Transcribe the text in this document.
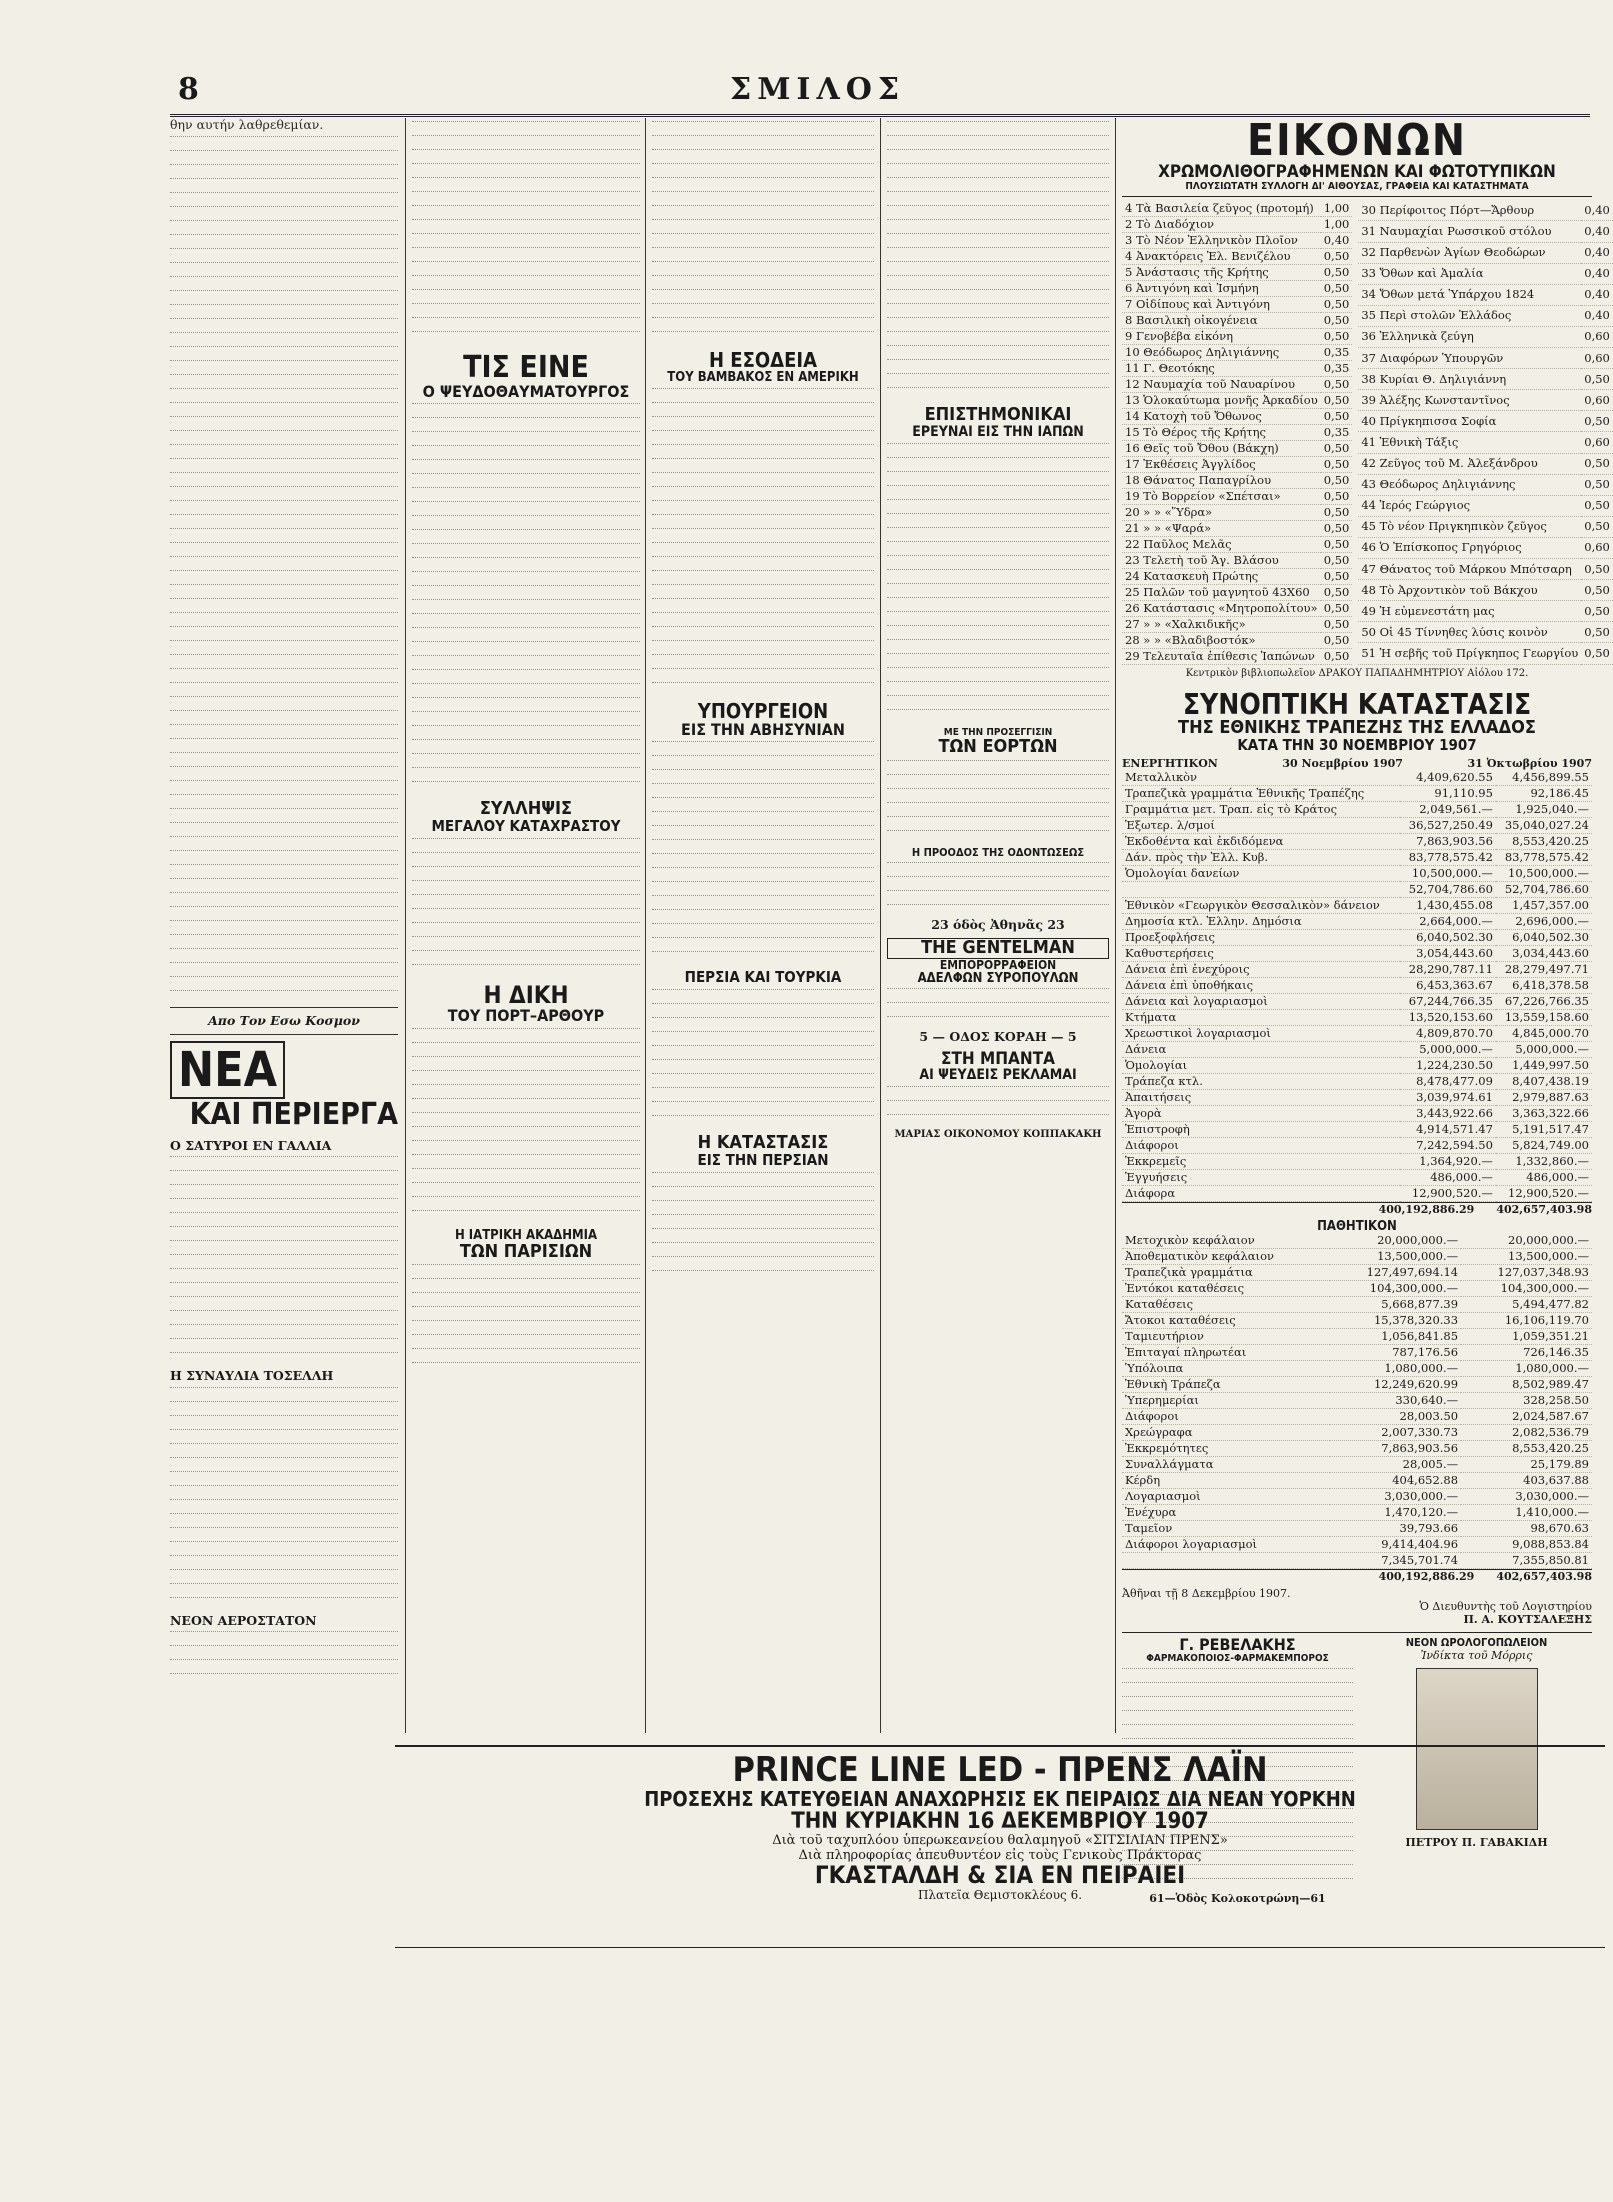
8	ΣΜΙΛΟΣ
θην αυτήν λαθρεθεμίαν.
Απο Τον Εσω Κοσμον
ΝΕΑ
ΚΑΙ ΠΕΡΙΕΡΓΑ
Ο ΣΑΤΥΡΟΙ ΕΝ ΓΑΛΛΙΑ
Η ΣΥΝΑΥΛΙΑ ΤΟΣΕΛΛΗ
ΝΕΟΝ ΑΕΡΟΣΤΑΤΟΝ
ΤΙΣ ΕΙΝΕ
Ο ΨΕΥΔΟΘΑΥΜΑΤΟΥΡΓΟΣ
ΣΥΛΛΗΨΙΣ
ΜΕΓΑΛΟΥ ΚΑΤΑΧΡΑΣΤΟΥ
Η ΔΙΚΗ
ΤΟΥ ΠΟΡΤ–ΑΡΘΟΥΡ
Η ΙΑΤΡΙΚΗ ΑΚΑΔΗΜΙΑ
ΤΩΝ ΠΑΡΙΣΙΩΝ
Η ΕΣΟΔΕΙΑ
ΤΟΥ ΒΑΜΒΑΚΟΣ ΕΝ ΑΜΕΡΙΚΗ
ΥΠΟΥΡΓΕΙΟΝ
ΕΙΣ ΤΗΝ ΑΒΗΣΥΝΙΑΝ
ΠΕΡΣΙΑ ΚΑΙ ΤΟΥΡΚΙΑ
Η ΚΑΤΑΣΤΑΣΙΣ
ΕΙΣ ΤΗΝ ΠΕΡΣΙΑΝ
ΕΠΙΣΤΗΜΟΝΙΚΑΙ
ΕΡΕΥΝΑΙ ΕΙΣ ΤΗΝ ΙΑΠΩΝ
ΜΕ ΤΗΝ ΠΡΟΣΕΓΓΙΣΙΝ
ΤΩΝ ΕΟΡΤΩΝ
Η ΠΡΟΟΔΟΣ ΤΗΣ ΟΔΟΝΤΩΣΕΩΣ
23 όδὸς Ἀθηνᾶς 23
THE GENTELMAN
ΕΜΠΟΡΟΡΡΑΦΕΙΟΝ
ΑΔΕΛΦΩΝ ΣΥΡΟΠΟΥΛΩΝ
5 — ΟΔΟΣ ΚΟΡΑΗ — 5
ΣΤΗ ΜΠΑΝΤΑ
ΑΙ ΨΕΥΔΕΙΣ ΡΕΚΛΑΜΑΙ
ΜΑΡΙΑΣ ΟΙΚΟΝΟΜΟΥ ΚΟΠΠΑΚΑΚΗ
ΕΙΚΟΝΩΝ
ΧΡΩΜΟΛΙΘΟΓΡΑΦΗΜΕΝΩΝ ΚΑΙ ΦΩΤΟΤΥΠΙΚΩΝ
ΠΛΟΥΣΙΩΤΑΤΗ ΣΥΛΛΟΓΗ ΔΙ' ΑΙΘΟΥΣΑΣ, ΓΡΑΦΕΙΑ ΚΑΙ ΚΑΤΑΣΤΗΜΑΤΑ
4 Τὰ Βασιλεία ζεῦγος (προτομή)	1,00
2 Τὸ Διαδόχιον	1,00
3 Τὸ Νέον Ἑλληνικὸν Πλοῖον	0,40
4 Ἀνακτόρεις Ἐλ. Βενιζέλου	0,50
5 Ἀνάστασις τῆς Κρήτης	0,50
6 Ἀντιγόνη καὶ Ἰσμήνη	0,50
7 Οἰδίπους καὶ Ἀντιγόνη	0,50
8 Βασιλικὴ οἰκογένεια	0,50
9 Γενοβέβα εἰκόνη	0,50
10 Θεόδωρος Δηλιγιάννης	0,35
11 Γ. Θεοτόκης	0,35
12 Ναυμαχία τοῦ Ναυαρίνου	0,50
13 Ὁλοκαύτωμα μονῆς Ἀρκαδίου	0,50
14 Κατοχὴ τοῦ Ὄθωνος	0,50
15 Τὸ Θέρος τῆς Κρήτης	0,35
16 Θεῖς τοῦ Ὄθου (Βάκχη)	0,50
17 Ἐκθέσεις Ἀγγλίδος	0,50
18 Θάνατος Παπαγρίλου	0,50
19 Τὸ Βορρείον «Σπέτσαι»	0,50
20 » » «Ὕδρα»	0,50
21 » » «Ψαρά»	0,50
22 Παῦλος Μελᾶς	0,50
23 Τελετὴ τοῦ Ἁγ. Βλάσου	0,50
24 Κατασκευὴ Πρώτης	0,50
25 Παλῶν τοῦ μαγνητοῦ 43Χ60	0,50
26 Κατάστασις «Μητροπολίτου»	0,50
27 » » «Χαλκιδικῆς»	0,50
28 » » «Βλαδιβοστόκ»	0,50
29 Τελευταῖα ἐπίθεσις Ἰαπώνων	0,50
30 Περίφοιτος Πόρτ—Ἄρθουρ	0,40
31 Ναυμαχίαι Ρωσσικοῦ στόλου	0,40
32 Παρθενὼν Ἀγίων Θεοδώρων	0,40
33 Ὄθων καὶ Ἀμαλία	0,40
34 Ὄθων μετά Ὑπάρχου 1824	0,40
35 Περὶ στολῶν Ἑλλάδος	0,40
36 Ἑλληνικὰ ζεύγη	0,60
37 Διαφόρων Ὑπουργῶν	0,60
38 Κυρίαι Θ. Δηλιγιάννη	0,50
39 Ἀλέξης Κωνσταντῖνος	0,60
40 Πρίγκηπισσα Σοφία	0,50
41 Ἐθνικὴ Τάξις	0,60
42 Ζεῦγος τοῦ Μ. Ἀλεξάνδρου	0,50
43 Θεόδωρος Δηλιγιάννης	0,50
44 Ἱερός Γεώργιος	0,50
45 Τὸ νέον Πριγκηπικὸν ζεῦγος	0,50
46 Ὁ Ἐπίσκοπος Γρηγόριος	0,60
47 Θάνατος τοῦ Μάρκου Μπότσαρη	0,50
48 Τὸ Ἀρχοντικὸν τοῦ Βάκχου	0,50
49 Ἡ εὐμενεστάτη μας	0,50
50 Οἱ 45 Τίννηθες λύσις κοινὸν	0,50
51 Ἡ σεβῆς τοῦ Πρίγκηπος Γεωργίου	0,50
Κεντρικὸν βιβλιοπωλεῖον ΔΡΑΚΟΥ ΠΑΠΑΔΗΜΗΤΡΙΟΥ Αἰόλου 172.
ΣΥΝΟΠΤΙΚΗ ΚΑΤΑΣΤΑΣΙΣ
ΤΗΣ ΕΘΝΙΚΗΣ ΤΡΑΠΕΖΗΣ ΤΗΣ ΕΛΛΑΔΟΣ
ΚΑΤΑ ΤΗΝ 30 ΝΟΕΜΒΡΙΟΥ 1907
ΕΝΕΡΓΗΤΙΚΟΝ	30 Νοεμβρίου 1907	31 Ὀκτωβρίου 1907
Μεταλλικὸν	4,409,620.55	4,456,899.55
Τραπεζικὰ γραμμάτια Ἐθνικῆς Τραπέζης	91,110.95	92,186.45
Γραμμάτια μετ. Τραπ. εἰς τὸ Κράτος	2,049,561.—	1,925,040.—
Ἐξωτερ. λ/σμοί	36,527,250.49	35,040,027.24
Ἐκδοθέντα καὶ ἐκδιδόμενα	7,863,903.56	8,553,420.25
Δάν. πρὸς τὴν Ἑλλ. Κυβ.	83,778,575.42	83,778,575.42
Ὁμολογίαι δανείων	10,500,000.—	10,500,000.—
	52,704,786.60	52,704,786.60
Ἐθνικὸν «Γεωργικὸν Θεσσαλικὸν» δάνειον	1,430,455.08	1,457,357.00
Δημοσία κτλ. Ἑλλην. Δημόσια	2,664,000.—	2,696,000.—
Προεξοφλήσεις	6,040,502.30	6,040,502.30
Καθυστερήσεις	3,054,443.60	3,034,443.60
Δάνεια ἐπὶ ἐνεχύροις	28,290,787.11	28,279,497.71
Δάνεια ἐπὶ ὑποθήκαις	6,453,363.67	6,418,378.58
Δάνεια καὶ λογαριασμοὶ	67,244,766.35	67,226,766.35
Κτήματα	13,520,153.60	13,559,158.60
Χρεωστικοὶ λογαριασμοὶ	4,809,870.70	4,845,000.70
Δάνεια	5,000,000.—	5,000,000.—
Ὁμολογίαι	1,224,230.50	1,449,997.50
Τράπεζα κτλ.	8,478,477.09	8,407,438.19
Ἀπαιτήσεις	3,039,974.61	2,979,887.63
Ἀγορὰ	3,443,922.66	3,363,322.66
Ἐπιστροφὴ	4,914,571.47	5,191,517.47
Διάφοροι	7,242,594.50	5,824,749.00
Ἐκκρεμεῖς	1,364,920.—	1,332,860.—
Ἐγγυήσεις	486,000.—	486,000.—
Διάφορα	12,900,520.—	12,900,520.—
400,192,886.29 402,657,403.98
ΠΑΘΗΤΙΚΟΝ
Μετοχικὸν κεφάλαιον	20,000,000.—	20,000,000.—
Ἀποθεματικὸν κεφάλαιον	13,500,000.—	13,500,000.—
Τραπεζικὰ γραμμάτια	127,497,694.14	127,037,348.93
Ἐντόκοι καταθέσεις	104,300,000.—	104,300,000.—
Καταθέσεις	5,668,877.39	5,494,477.82
Ἄτοκοι καταθέσεις	15,378,320.33	16,106,119.70
Ταμιευτήριον	1,056,841.85	1,059,351.21
Ἐπιταγαί πληρωτέαι	787,176.56	726,146.35
Ὑπόλοιπα	1,080,000.—	1,080,000.—
Ἐθνικὴ Τράπεζα	12,249,620.99	8,502,989.47
Ὑπερημερίαι	330,640.—	328,258.50
Διάφοροι	28,003.50	2,024,587.67
Χρεώγραφα	2,007,330.73	2,082,536.79
Ἐκκρεμότητες	7,863,903.56	8,553,420.25
Συναλλάγματα	28,005.—	25,179.89
Κέρδη	404,652.88	403,637.88
Λογαριασμοὶ	3,030,000.—	3,030,000.—
Ἐνέχυρα	1,470,120.—	1,410,000.—
Ταμεῖον	39,793.66	98,670.63
Διάφοροι λογαριασμοὶ	9,414,404.96	9,088,853.84
	7,345,701.74	7,355,850.81
400,192,886.29 402,657,403.98
Ἀθῆναι τῇ 8 Δεκεμβρίου 1907.
Ὁ Διευθυντὴς τοῦ Λογιστηρίου
Π. Α. ΚΟΥΤΣΑΛΕΞΗΣ
Γ. ΡΕΒΕΛΑΚΗΣ
ΦΑΡΜΑΚΟΠΟΙΟΣ-ΦΑΡΜΑΚΕΜΠΟΡΟΣ
61—Ὁδὸς Κολοκοτρώνη—61
ΝΕΟΝ ΩΡΟΛΟΓΟΠΩΛΕΙΟΝ
Ἰνδίκτα τοῦ Μόρρις
ΠΕΤΡΟΥ Π. ΓΑΒΑΚΙΔΗ
PRINCE LINE LED - ΠΡΕΝΣ ΛΑΪΝ
ΠΡΟΣΕΧΗΣ ΚΑΤΕΥΘΕΙΑΝ ΑΝΑΧΩΡΗΣΙΣ ΕΚ ΠΕΙΡΑΙΩΣ ΔΙΑ ΝΕΑΝ ΥΟΡΚΗΝ
ΤΗΝ ΚΥΡΙΑΚΗΝ 16 ΔΕΚΕΜΒΡΙΟΥ 1907
Διὰ τοῦ ταχυπλόου ὑπερωκεανείου θαλαμηγοῦ «ΣΙΤΣΙΛΙΑΝ ΠΡΕΝΣ»
Διὰ πληροφορίας ἀπευθυντέον εἰς τοὺς Γενικοὺς Πράκτορας
ΓΚΑΣΤΑΛΔΗ & ΣΙΑ ΕΝ ΠΕΙΡΑΙΕΙ
Πλατεῖα Θεμιστοκλέους 6.
